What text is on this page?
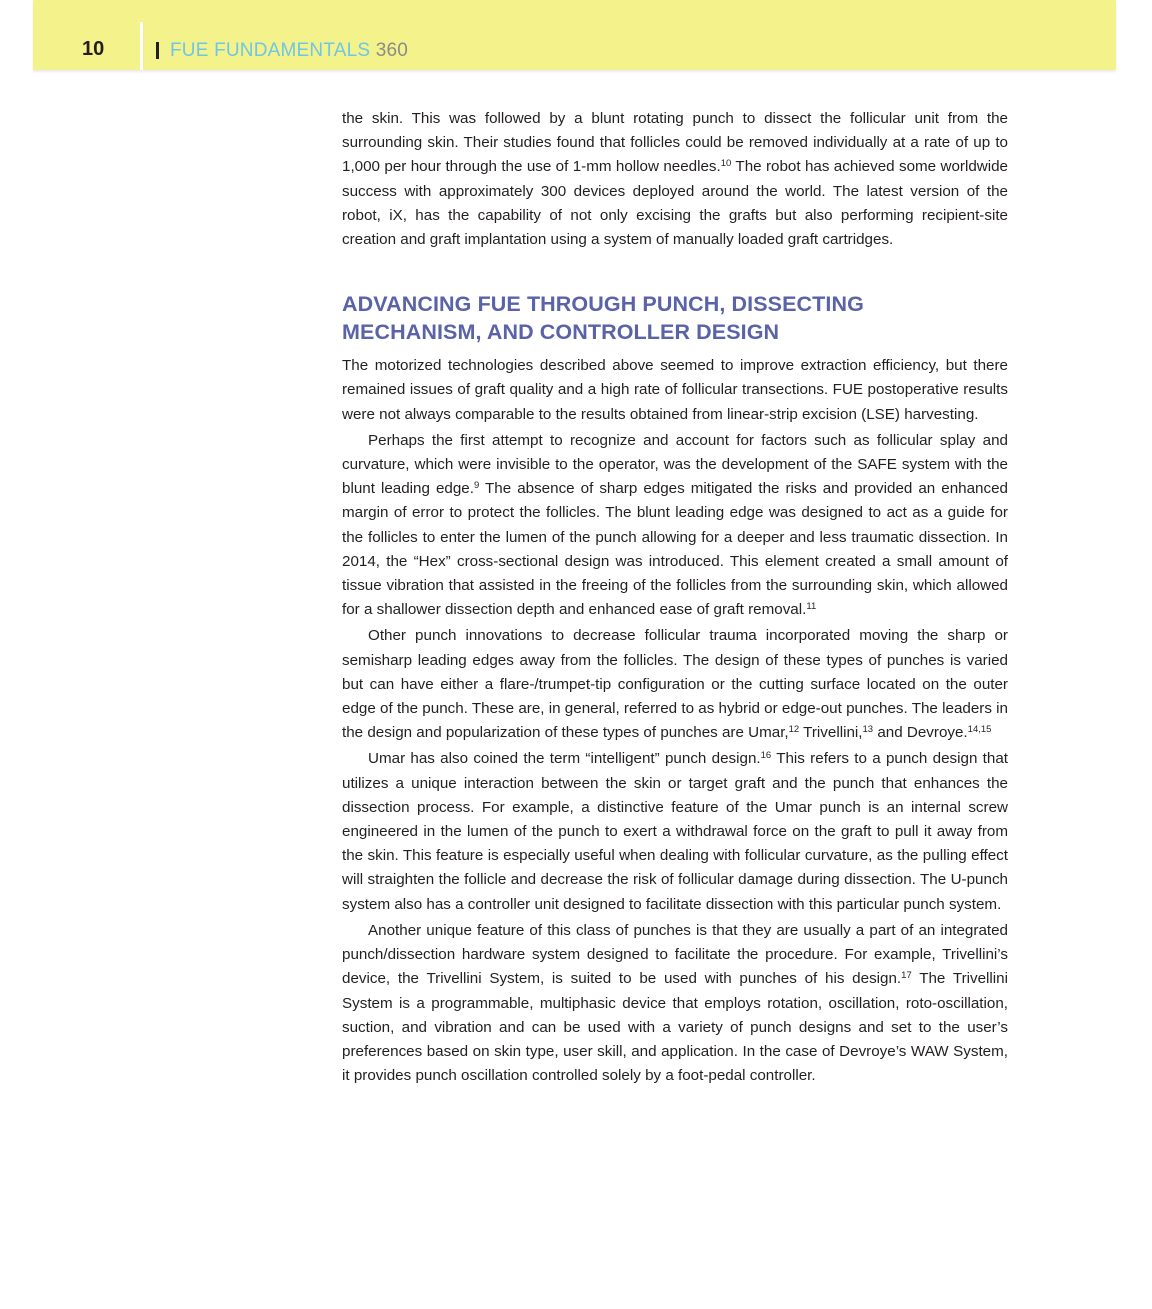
10	FUE FUNDAMENTALS 360

the skin. This was followed by a blunt rotating punch to dissect the follicular unit from the surrounding skin. Their studies found that follicles could be removed individually at a rate of up to 1,000 per hour through the use of 1-mm hollow needles.$^{10}$ The robot has achieved some worldwide success with approximately 300 devices deployed around the world. The latest version of the robot, iX, has the capability of not only excising the grafts but also performing recipient-site creation and graft implantation using a system of manually loaded graft cartridges.

ADVANCING FUE THROUGH PUNCH, DISSECTING
MECHANISM, AND CONTROLLER DESIGN

The motorized technologies described above seemed to improve extraction efficiency, but there remained issues of graft quality and a high rate of follicular transections. FUE postoperative results were not always comparable to the results obtained from linear-strip excision (LSE) harvesting.

Perhaps the first attempt to recognize and account for factors such as follicular splay and curvature, which were invisible to the operator, was the development of the SAFE system with the blunt leading edge.$^9$ The absence of sharp edges mitigated the risks and provided an enhanced margin of error to protect the follicles. The blunt leading edge was designed to act as a guide for the follicles to enter the lumen of the punch allowing for a deeper and less traumatic dissection. In 2014, the “Hex” cross-sectional design was introduced. This element created a small amount of tissue vibration that assisted in the freeing of the follicles from the surrounding skin, which allowed for a shallower dissection depth and enhanced ease of graft removal.$^{11}$

Other punch innovations to decrease follicular trauma incorporated moving the sharp or semisharp leading edges away from the follicles. The design of these types of punches is varied but can have either a flare-/trumpet-tip configuration or the cutting surface located on the outer edge of the punch. These are, in general, referred to as hybrid or edge-out punches. The leaders in the design and popularization of these types of punches are Umar,$^{12}$ Trivellini,$^{13}$ and Devroye.$^{14,15}$

Umar has also coined the term “intelligent” punch design.$^{16}$ This refers to a punch design that utilizes a unique interaction between the skin or target graft and the punch that enhances the dissection process. For example, a distinctive feature of the Umar punch is an internal screw engineered in the lumen of the punch to exert a withdrawal force on the graft to pull it away from the skin. This feature is especially useful when dealing with follicular curvature, as the pulling effect will straighten the follicle and decrease the risk of follicular damage during dissection. The U-punch system also has a controller unit designed to facilitate dissection with this particular punch system.

Another unique feature of this class of punches is that they are usually a part of an integrated punch/dissection hardware system designed to facilitate the procedure. For example, Trivellini’s device, the Trivellini System, is suited to be used with punches of his design.$^{17}$ The Trivellini System is a programmable, multiphasic device that employs rotation, oscillation, roto-oscillation, suction, and vibration and can be used with a variety of punch designs and set to the user’s preferences based on skin type, user skill, and application. In the case of Devroye’s WAW System, it provides punch oscillation controlled solely by a foot-pedal controller.
